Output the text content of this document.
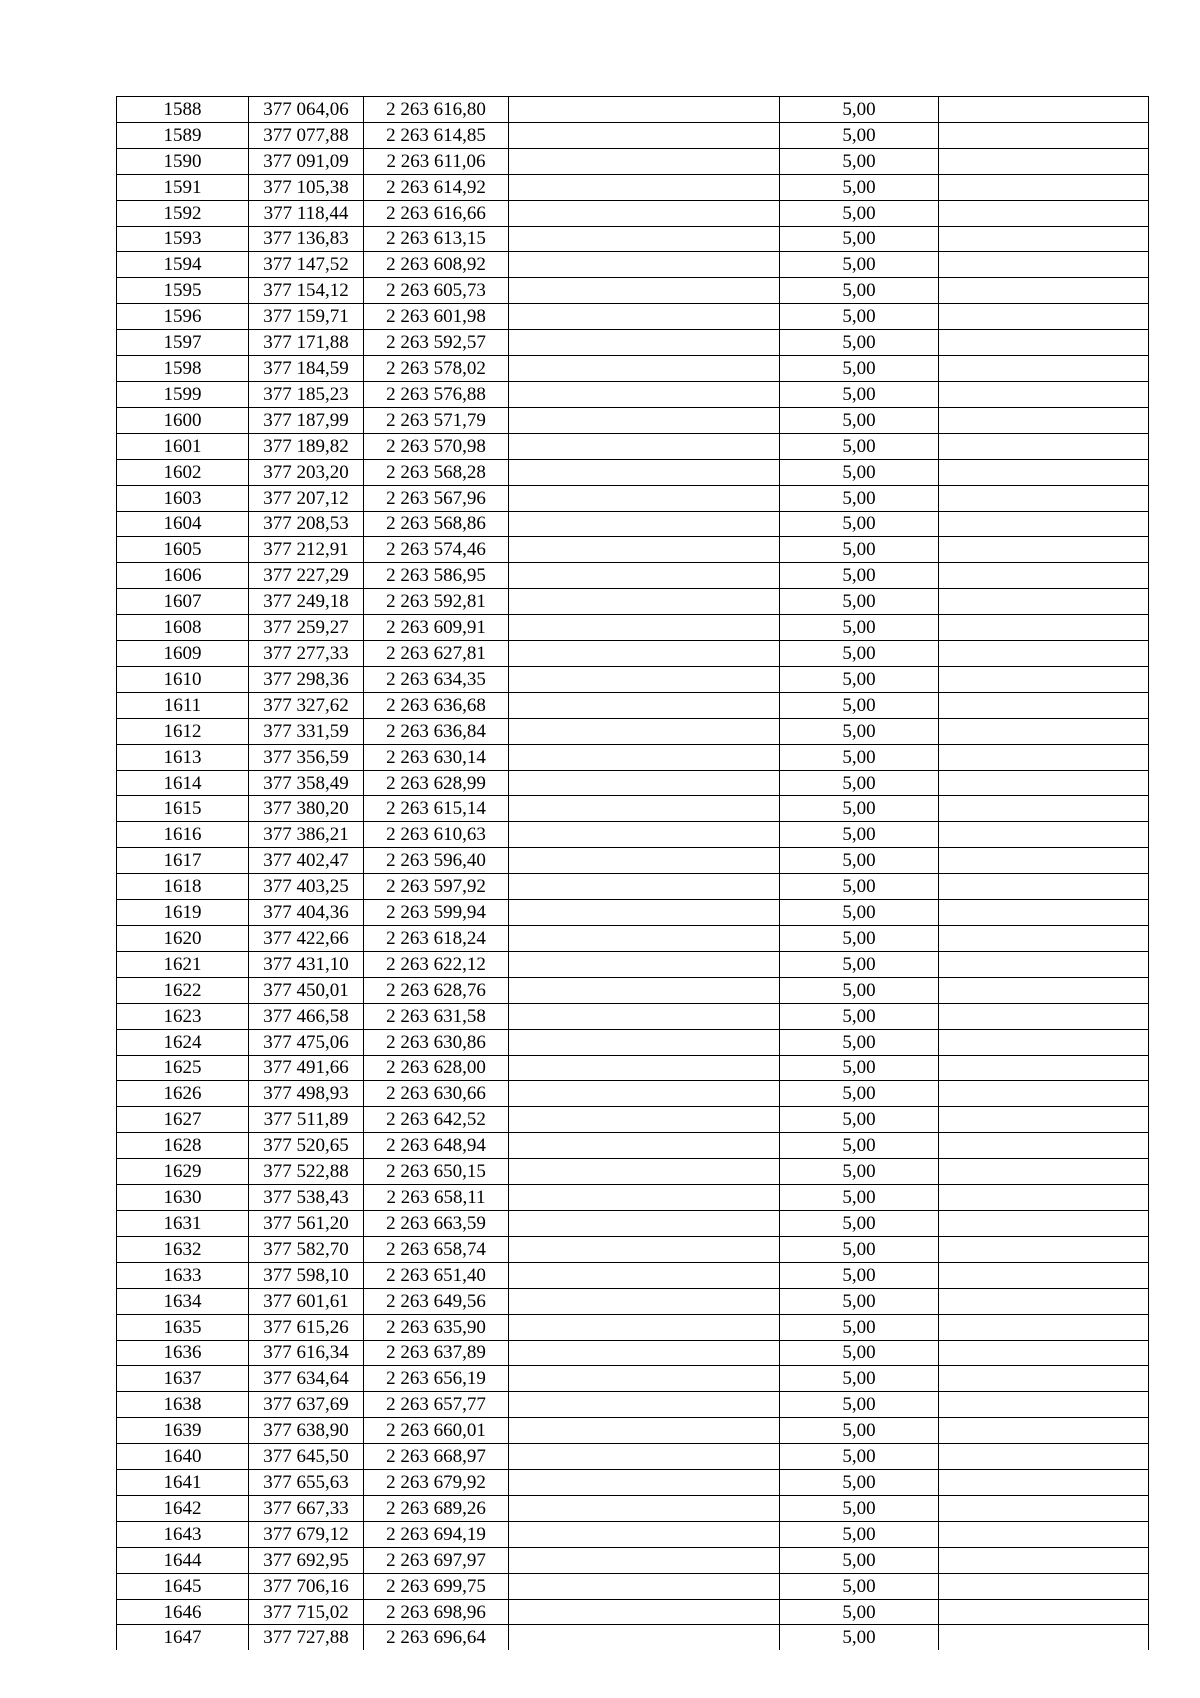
1588	377 064,06	2 263 616,80		5,00	
1589	377 077,88	2 263 614,85		5,00	
1590	377 091,09	2 263 611,06		5,00	
1591	377 105,38	2 263 614,92		5,00	
1592	377 118,44	2 263 616,66		5,00	
1593	377 136,83	2 263 613,15		5,00	
1594	377 147,52	2 263 608,92		5,00	
1595	377 154,12	2 263 605,73		5,00	
1596	377 159,71	2 263 601,98		5,00	
1597	377 171,88	2 263 592,57		5,00	
1598	377 184,59	2 263 578,02		5,00	
1599	377 185,23	2 263 576,88		5,00	
1600	377 187,99	2 263 571,79		5,00	
1601	377 189,82	2 263 570,98		5,00	
1602	377 203,20	2 263 568,28		5,00	
1603	377 207,12	2 263 567,96		5,00	
1604	377 208,53	2 263 568,86		5,00	
1605	377 212,91	2 263 574,46		5,00	
1606	377 227,29	2 263 586,95		5,00	
1607	377 249,18	2 263 592,81		5,00	
1608	377 259,27	2 263 609,91		5,00	
1609	377 277,33	2 263 627,81		5,00	
1610	377 298,36	2 263 634,35		5,00	
1611	377 327,62	2 263 636,68		5,00	
1612	377 331,59	2 263 636,84		5,00	
1613	377 356,59	2 263 630,14		5,00	
1614	377 358,49	2 263 628,99		5,00	
1615	377 380,20	2 263 615,14		5,00	
1616	377 386,21	2 263 610,63		5,00	
1617	377 402,47	2 263 596,40		5,00	
1618	377 403,25	2 263 597,92		5,00	
1619	377 404,36	2 263 599,94		5,00	
1620	377 422,66	2 263 618,24		5,00	
1621	377 431,10	2 263 622,12		5,00	
1622	377 450,01	2 263 628,76		5,00	
1623	377 466,58	2 263 631,58		5,00	
1624	377 475,06	2 263 630,86		5,00	
1625	377 491,66	2 263 628,00		5,00	
1626	377 498,93	2 263 630,66		5,00	
1627	377 511,89	2 263 642,52		5,00	
1628	377 520,65	2 263 648,94		5,00	
1629	377 522,88	2 263 650,15		5,00	
1630	377 538,43	2 263 658,11		5,00	
1631	377 561,20	2 263 663,59		5,00	
1632	377 582,70	2 263 658,74		5,00	
1633	377 598,10	2 263 651,40		5,00	
1634	377 601,61	2 263 649,56		5,00	
1635	377 615,26	2 263 635,90		5,00	
1636	377 616,34	2 263 637,89		5,00	
1637	377 634,64	2 263 656,19		5,00	
1638	377 637,69	2 263 657,77		5,00	
1639	377 638,90	2 263 660,01		5,00	
1640	377 645,50	2 263 668,97		5,00	
1641	377 655,63	2 263 679,92		5,00	
1642	377 667,33	2 263 689,26		5,00	
1643	377 679,12	2 263 694,19		5,00	
1644	377 692,95	2 263 697,97		5,00	
1645	377 706,16	2 263 699,75		5,00	
1646	377 715,02	2 263 698,96		5,00	
1647	377 727,88	2 263 696,64		5,00	
